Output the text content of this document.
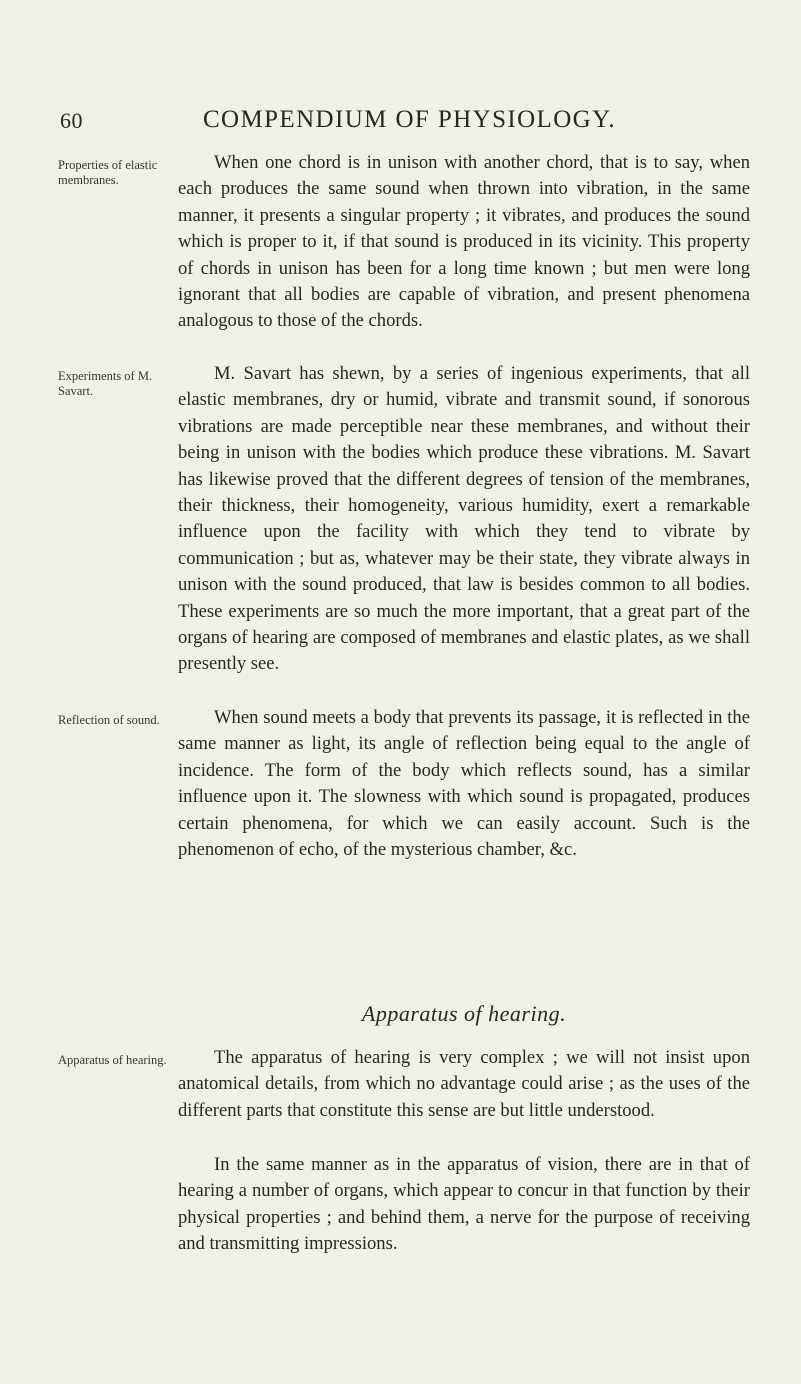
60	COMPENDIUM OF PHYSIOLOGY.
Properties of elastic membranes.

When one chord is in unison with another chord, that is to say, when each produces the same sound when thrown into vibration, in the same manner, it presents a singular property ; it vibrates, and produces the sound which is proper to it, if that sound is produced in its vicinity. This property of chords in unison has been for a long time known ; but men were long ignorant that all bodies are capable of vibration, and present phenomena analogous to those of the chords.

Experiments of M. Savart.

M. Savart has shewn, by a series of ingenious experiments, that all elastic membranes, dry or humid, vibrate and transmit sound, if sonorous vibrations are made perceptible near these membranes, and without their being in unison with the bodies which produce these vibrations. M. Savart has likewise proved that the different degrees of tension of the membranes, their thickness, their homogeneity, various humidity, exert a remarkable influence upon the facility with which they tend to vibrate by communication ; but as, whatever may be their state, they vibrate always in unison with the sound produced, that law is besides common to all bodies. These experiments are so much the more important, that a great part of the organs of hearing are composed of membranes and elastic plates, as we shall presently see.

Reflection of sound.	When sound meets a body that prevents its passage, it is reflected in the same manner as light, its angle of reflection being equal to the angle of incidence. The form of the body which reflects sound, has a similar influence upon it. The slowness with which sound is propagated, produces certain phenomena, for which we can easily account. Such is the phenomenon of echo, of the mysterious chamber, &c.

Apparatus of hearing.
Apparatus of hearing.	The apparatus of hearing is very complex ; we will not insist upon anatomical details, from which no advantage could arise ; as the uses of the different parts that constitute this sense are but little understood.

In the same manner as in the apparatus of vision, there are in that of hearing a number of organs, which appear to concur in that function by their physical properties ; and behind them, a nerve for the purpose of receiving and transmitting impressions.
